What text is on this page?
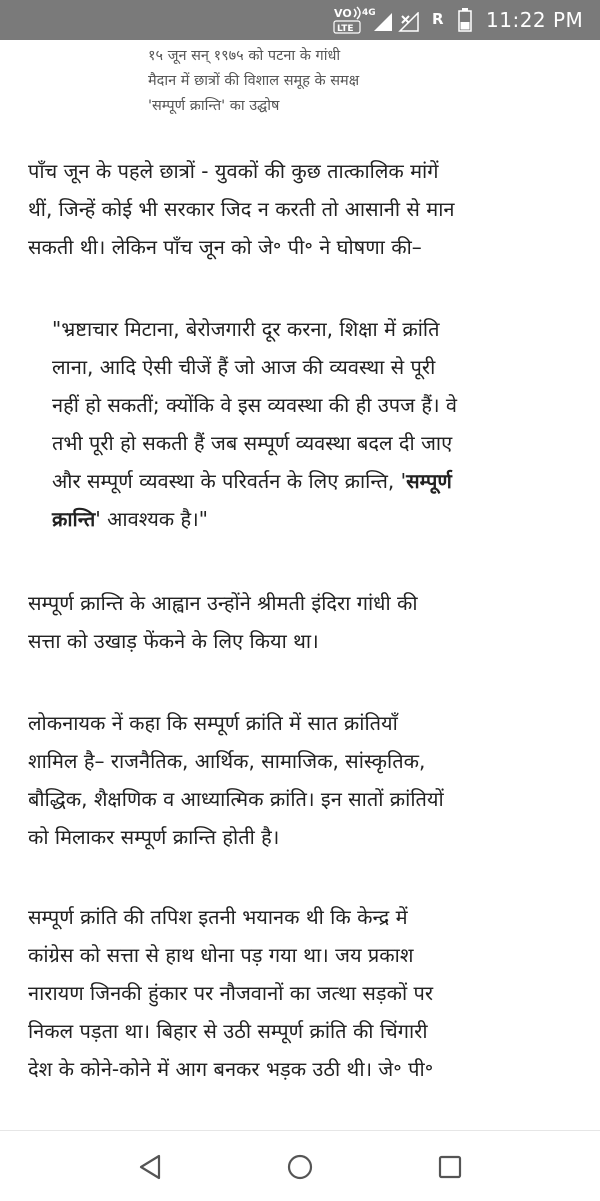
VO
LTE
4G	R 11:22 PM
१५ जून सन् १९७५ को पटना के गांधी
मैदान में छात्रों की विशाल समूह के समक्ष
'सम्पूर्ण क्रान्ति' का उद्घोष
पाँच जून के पहले छात्रों - युवकों की कुछ तात्कालिक मांगें
थीं, जिन्हें कोई भी सरकार जिद न करती तो आसानी से मान
सकती थी। लेकिन पाँच जून को जे॰ पी॰ ने घोषणा की–
"भ्रष्टाचार मिटाना, बेरोजगारी दूर करना, शिक्षा में क्रांति
लाना, आदि ऐसी चीजें हैं जो आज की व्यवस्था से पूरी
नहीं हो सकतीं; क्योंकि वे इस व्यवस्था की ही उपज हैं। वे
तभी पूरी हो सकती हैं जब सम्पूर्ण व्यवस्था बदल दी जाए
और सम्पूर्ण व्यवस्था के परिवर्तन के लिए क्रान्ति, 'सम्पूर्ण
क्रान्ति' आवश्यक है।"
सम्पूर्ण क्रान्ति के आह्वान उन्होंने श्रीमती इंदिरा गांधी की
सत्ता को उखाड़ फेंकने के लिए किया था।
लोकनायक नें कहा कि सम्पूर्ण क्रांति में सात क्रांतियाँ
शामिल है– राजनैतिक, आर्थिक, सामाजिक, सांस्कृतिक,
बौद्धिक, शैक्षणिक व आध्यात्मिक क्रांति। इन सातों क्रांतियों
को मिलाकर सम्पूर्ण क्रान्ति होती है।
सम्पूर्ण क्रांति की तपिश इतनी भयानक थी कि केन्द्र में
कांग्रेस को सत्ता से हाथ धोना पड़ गया था। जय प्रकाश
नारायण जिनकी हुंकार पर नौजवानों का जत्था सड़कों पर
निकल पड़ता था। बिहार से उठी सम्पूर्ण क्रांति की चिंगारी
देश के कोने-कोने में आग बनकर भड़क उठी थी। जे॰ पी॰
